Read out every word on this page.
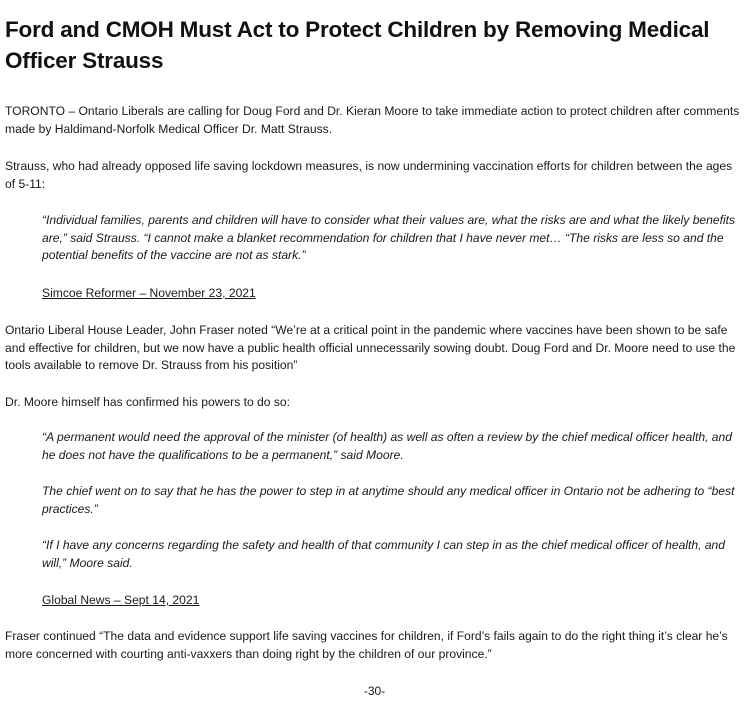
Ford and CMOH Must Act to Protect Children by Removing Medical Officer Strauss

TORONTO – Ontario Liberals are calling for Doug Ford and Dr. Kieran Moore to take immediate action to protect children after comments made by Haldimand-Norfolk Medical Officer Dr. Matt Strauss.

Strauss, who had already opposed life saving lockdown measures, is now undermining vaccination efforts for children between the ages of 5-11:

“Individual families, parents and children will have to consider what their values are, what the risks are and what the likely benefits are,” said Strauss. “I cannot make a blanket recommendation for children that I have never met… “The risks are less so and the potential benefits of the vaccine are not as stark.”

Simcoe Reformer – November 23, 2021

Ontario Liberal House Leader, John Fraser noted “We’re at a critical point in the pandemic where vaccines have been shown to be safe and effective for children, but we now have a public health official unnecessarily sowing doubt. Doug Ford and Dr. Moore need to use the tools available to remove Dr. Strauss from his position”

Dr. Moore himself has confirmed his powers to do so:

“A permanent would need the approval of the minister (of health) as well as often a review by the chief medical officer health, and he does not have the qualifications to be a permanent,” said Moore.

The chief went on to say that he has the power to step in at anytime should any medical officer in Ontario not be adhering to “best practices.”

“If I have any concerns regarding the safety and health of that community I can step in as the chief medical officer of health, and will,” Moore said.

Global News – Sept 14, 2021

Fraser continued “The data and evidence support life saving vaccines for children, if Ford’s fails again to do the right thing it’s clear he’s more concerned with courting anti-vaxxers than doing right by the children of our province.”

-30-
